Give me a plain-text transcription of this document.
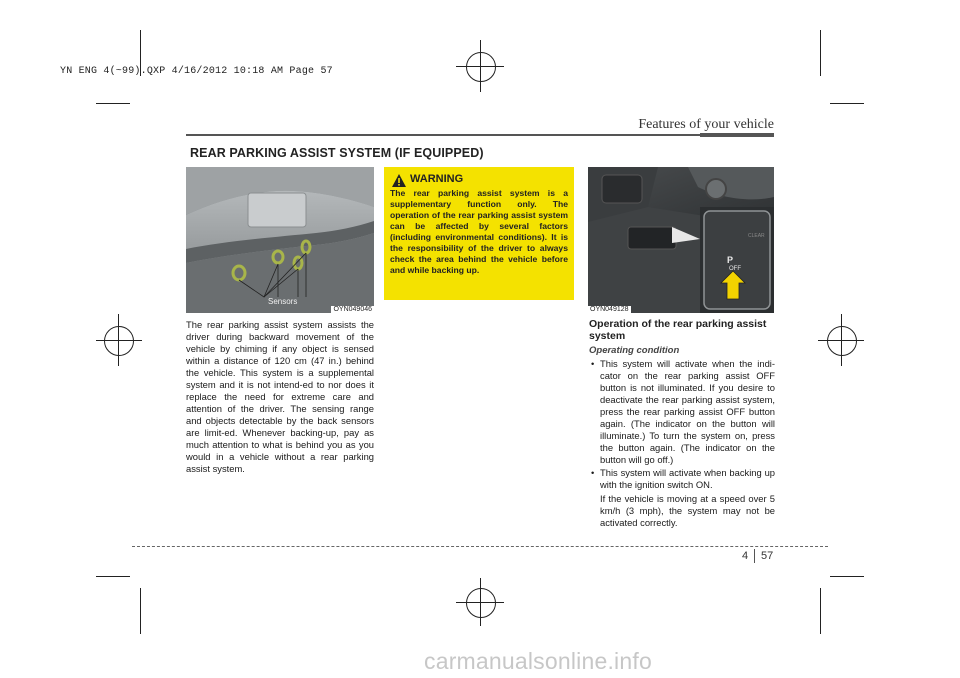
YN ENG 4(~99).QXP 4/16/2012 10:18 AM Page 57
Features of your vehicle
REAR PARKING ASSIST SYSTEM (IF EQUIPPED)
Sensors
OYN049046
The rear parking assist system assists the driver during backward movement of the vehicle by chiming if any object is sensed within a distance of 120 cm (47 in.) behind the vehicle. This system is a supplemental system and it is not intend-ed to nor does it replace the need for extreme care and attention of the driver. The sensing range and objects detectable by the back sensors are limit-ed. Whenever backing-up, pay as much attention to what is behind you as you would in a vehicle without a rear parking assist system.
WARNING
The rear parking assist system is a supplementary function only. The operation of the rear parking assist system can be affected by several factors (including environmental conditions). It is the responsibility of the driver to always check the area behind the vehicle before and while backing up.
CLEAR
P
OFF
OYN049128
Operation of the rear parking assist system
Operating condition
• This system will activate when the indi-cator on the rear parking assist OFF button is not illuminated. If you desire to deactivate the rear parking assist system, press the rear parking assist OFF button again. (The indicator on the button will illuminate.) To turn the system on, press the button again. (The indicator on the button will go off.)
• This system will activate when backing up with the ignition switch ON.

If the vehicle is moving at a speed over 5 km/h (3 mph), the system may not be activated correctly.

4 57
carmanualsonline.info
